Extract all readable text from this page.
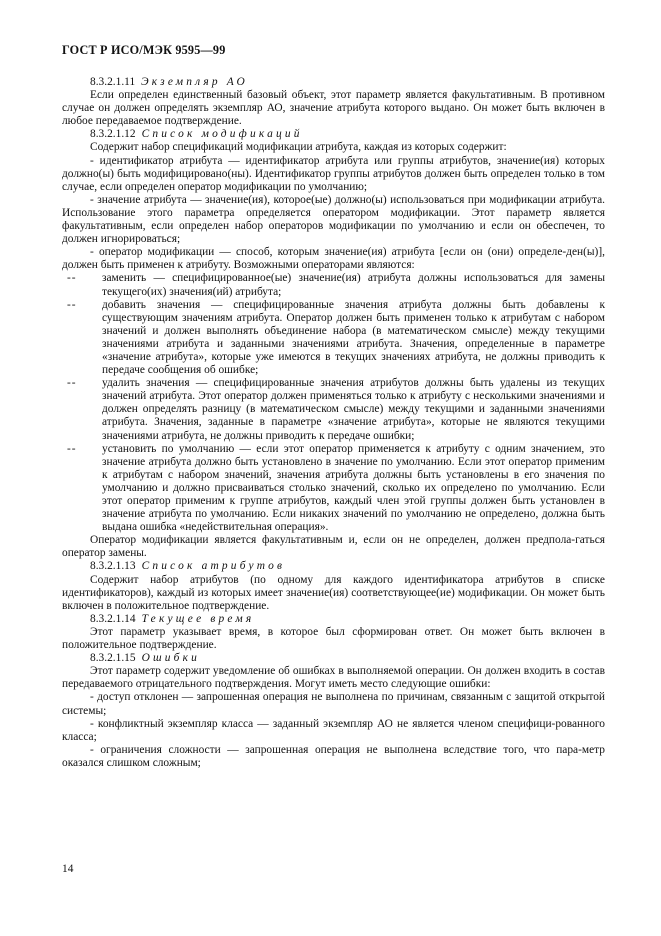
ГОСТ Р ИСО/МЭК 9595—99

8.3.2.1.11 Экземпляр АО

Если определен единственный базовый объект, этот параметр является факультативным. В противном случае он должен определять экземпляр АО, значение атрибута которого выдано. Он может быть включен в любое передаваемое подтверждение.

8.3.2.1.12 Список модификаций

Содержит набор спецификаций модификации атрибута, каждая из которых содержит:

- идентификатор атрибута — идентификатор атрибута или группы атрибутов, значение(ия) которых должно(ы) быть модифицировано(ны). Идентификатор группы атрибутов должен быть определен только в том случае, если определен оператор модификации по умолчанию;

- значение атрибута — значение(ия), которое(ые) должно(ы) использоваться при модификации атрибута. Использование этого параметра определяется оператором модификации. Этот параметр является факультативным, если определен набор операторов модификации по умолчанию и если он обеспечен, то должен игнорироваться;

- оператор модификации — способ, которым значение(ия) атрибута [если он (они) определе-ден(ы)], должен быть применен к атрибуту. Возможными операторами являются:

-- заменить — специфицированное(ые) значение(ия) атрибута должны использоваться для замены текущего(их) значения(ий) атрибута;

-- добавить значения — специфицированные значения атрибута должны быть добавлены к существующим значениям атрибута. Оператор должен быть применен только к атрибутам с набором значений и должен выполнять объединение набора (в математическом смысле) между текущими значениями атрибута и заданными значениями атрибута. Значения, определенные в параметре «значение атрибута», которые уже имеются в текущих значениях атрибута, не должны приводить к передаче сообщения об ошибке;

-- удалить значения — специфицированные значения атрибутов должны быть удалены из текущих значений атрибута. Этот оператор должен применяться только к атрибуту с несколькими значениями и должен определять разницу (в математическом смысле) между текущими и заданными значениями атрибута. Значения, заданные в параметре «значение атрибута», которые не являются текущими значениями атрибута, не должны приводить к передаче ошибки;

-- установить по умолчанию — если этот оператор применяется к атрибуту с одним значением, это значение атрибута должно быть установлено в значение по умолчанию. Если этот оператор применим к атрибутам с набором значений, значения атрибута должны быть установлены в его значения по умолчанию и должно присваиваться столько значений, сколько их определено по умолчанию. Если этот оператор применим к группе атрибутов, каждый член этой группы должен быть установлен в значение атрибута по умолчанию. Если никаких значений по умолчанию не определено, должна быть выдана ошибка «недействительная операция».

Оператор модификации является факультативным и, если он не определен, должен предпола-гаться оператор замены.

8.3.2.1.13 Список атрибутов

Содержит набор атрибутов (по одному для каждого идентификатора атрибутов в списке идентификаторов), каждый из которых имеет значение(ия) соответствующее(ие) модификации. Он может быть включен в положительное подтверждение.

8.3.2.1.14 Текущее время

Этот параметр указывает время, в которое был сформирован ответ. Он может быть включен в положительное подтверждение.

8.3.2.1.15 Ошибки

Этот параметр содержит уведомление об ошибках в выполняемой операции. Он должен входить в состав передаваемого отрицательного подтверждения. Могут иметь место следующие ошибки:

- доступ отклонен — запрошенная операция не выполнена по причинам, связанным с защитой открытой системы;

- конфликтный экземпляр класса — заданный экземпляр АО не является членом специфици-рованного класса;

- ограничения сложности — запрошенная операция не выполнена вследствие того, что пара-метр оказался слишком сложным;

14
